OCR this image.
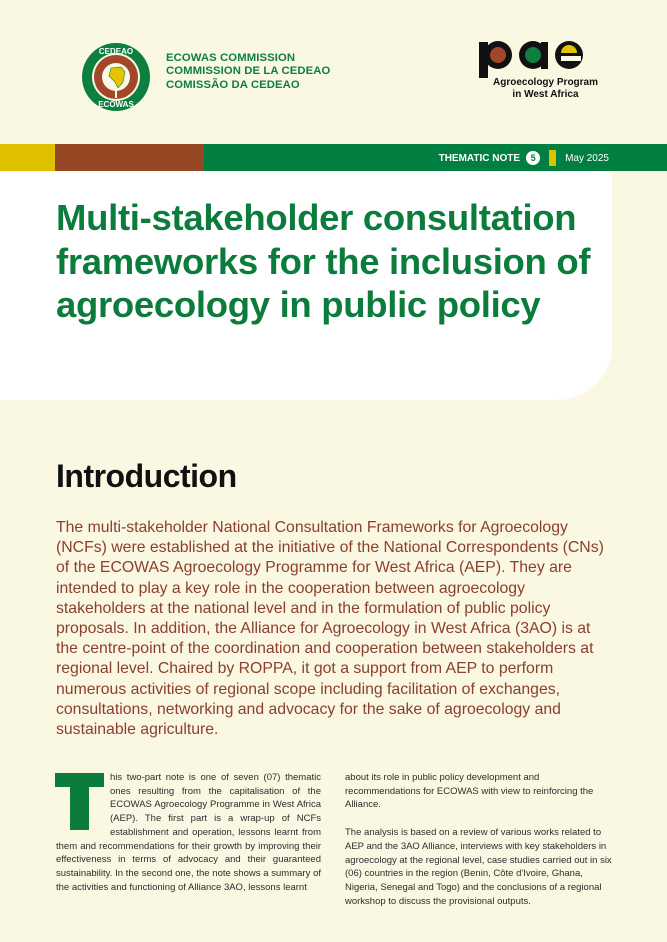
CEDEAO
ECOWAS
ECOWAS COMMISSION
COMMISSION DE LA CEDEAO
COMISSÃO DA CEDEAO	Agroecology Program
in West Africa
THEMATIC NOTE	5	May 2025
Multi-stakeholder consultation frameworks for the inclusion of agroecology in public policy
Introduction

The multi-stakeholder National Consultation Frameworks for Agroecology (NCFs) were established at the initiative of the National Correspondents (CNs) of the ECOWAS Agroecology Programme for West Africa (AEP). They are intended to play a key role in the cooperation between agroecology stakeholders at the national level and in the formulation of public policy proposals. In addition, the Alliance for Agroecology in West Africa (3AO) is at the centre-point of the coordination and cooperation between stakeholders at regional level. Chaired by ROPPA, it got a support from AEP to perform numerous activities of regional scope including facilitation of exchanges, consultations, networking and advocacy for the sake of agroecology and sustainable agriculture.

his two-part note is one of seven (07) thematic ones resulting from the capitalisation of the ECOWAS Agroecology Programme in West Africa (AEP). The first part is a wrap-up of NCFs establishment and operation, lessons learnt from them and recommendations for their growth by improving their effectiveness in terms of advocacy and their guaranteed sustainability. In the second one, the note shows a summary of the activities and functioning of Alliance 3AO, lessons learnt

about its role in public policy development and recommendations for ECOWAS with view to reinforcing the Alliance.

The analysis is based on a review of various works related to AEP and the 3AO Alliance, interviews with key stakeholders in agroecology at the regional level, case studies carried out in six (06) countries in the region (Benin, Côte d'Ivoire, Ghana, Nigeria, Senegal and Togo) and the conclusions of a regional workshop to discuss the provisional outputs.
